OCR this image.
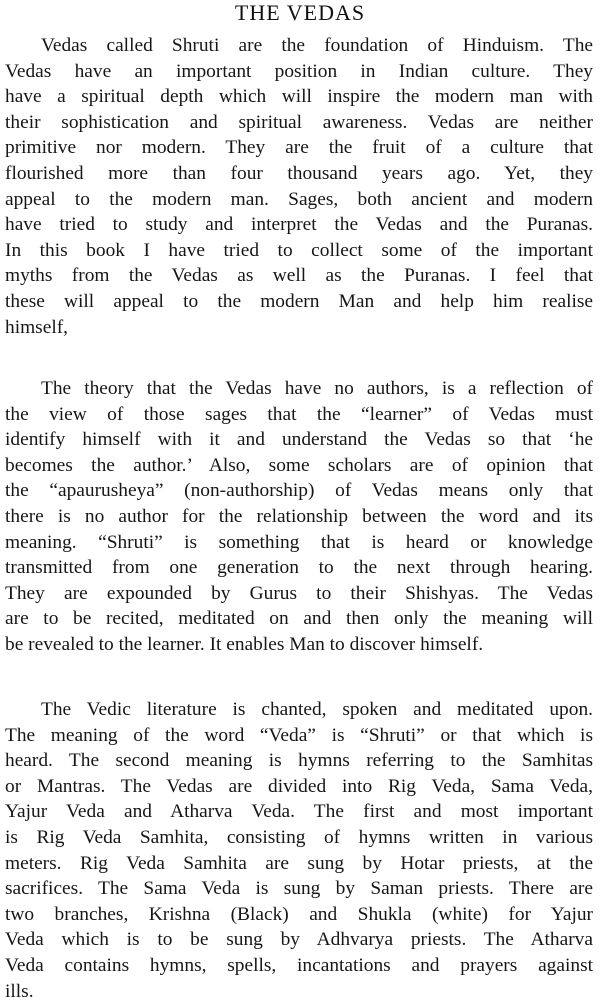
THE VEDAS
Vedas called Shruti are the foundation of Hinduism. The
Vedas have an important position in Indian culture. They
have a spiritual depth which will inspire the modern man with
their sophistication and spiritual awareness. Vedas are neither
primitive nor modern. They are the fruit of a culture that
flourished more than four thousand years ago. Yet, they
appeal to the modern man. Sages, both ancient and modern
have tried to study and interpret the Vedas and the Puranas.
In this book I have tried to collect some of the important
myths from the Vedas as well as the Puranas. I feel that
these will appeal to the modern Man and help him realise
himself,
The theory that the Vedas have no authors, is a reflection of
the view of those sages that the “learner” of Vedas must
identify himself with it and understand the Vedas so that ‘he
becomes the author.’ Also, some scholars are of opinion that
the “apaurusheya” (non-authorship) of Vedas means only that
there is no author for the relationship between the word and its
meaning. “Shruti” is something that is heard or knowledge
transmitted from one generation to the next through hearing.
They are expounded by Gurus to their Shishyas. The Vedas
are to be recited, meditated on and then only the meaning will
be revealed to the learner. It enables Man to discover himself.
The Vedic literature is chanted, spoken and meditated upon.
The meaning of the word “Veda” is “Shruti” or that which is
heard. The second meaning is hymns referring to the Samhitas
or Mantras. The Vedas are divided into Rig Veda, Sama Veda,
Yajur Veda and Atharva Veda. The first and most important
is Rig Veda Samhita, consisting of hymns written in various
meters. Rig Veda Samhita are sung by Hotar priests, at the
sacrifices. The Sama Veda is sung by Saman priests. There are
two branches, Krishna (Black) and Shukla (white) for Yajur
Veda which is to be sung by Adhvarya priests. The Atharva
Veda contains hymns, spells, incantations and prayers against
ills.
